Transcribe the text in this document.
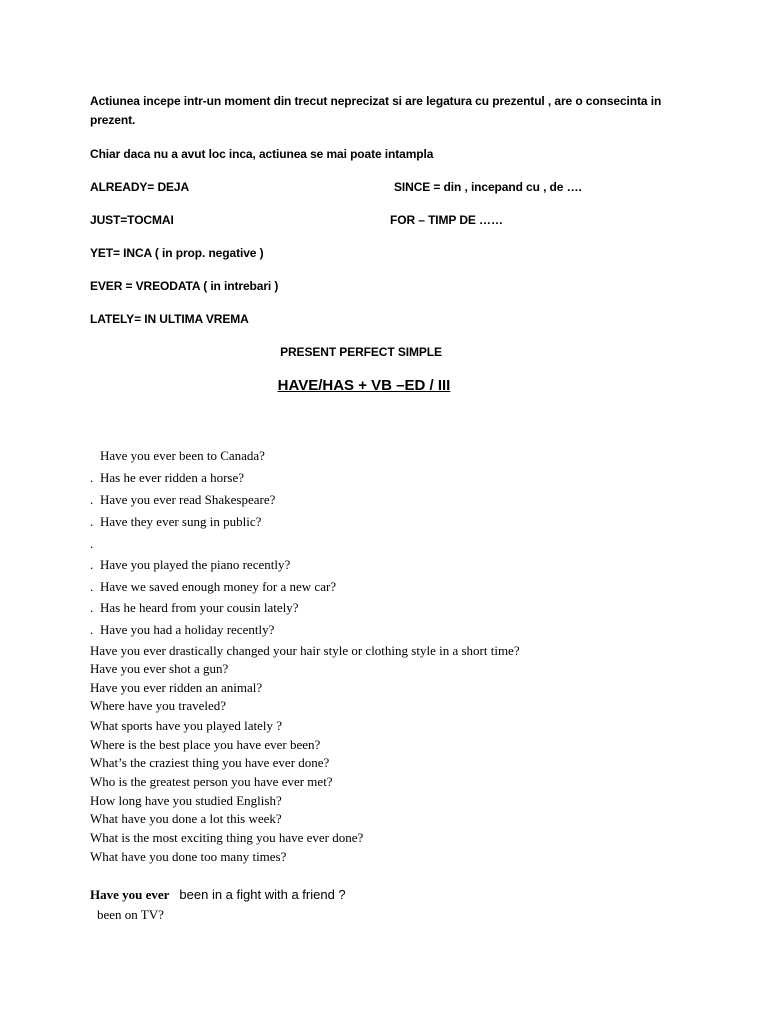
Actiunea incepe intr-un moment din trecut neprecizat si are legatura cu prezentul , are o consecinta in prezent.
Chiar daca nu a avut loc inca, actiunea se mai poate intampla
ALREADY= DEJA	SINCE = din , incepand cu , de ….
JUST=TOCMAI	FOR – TIMP DE ……
YET= INCA ( in prop. negative )
EVER = VREODATA ( in intrebari )
LATELY= IN ULTIMA VREMA
PRESENT PERFECT SIMPLE
HAVE/HAS + VB –ED / III
Have you ever been to Canada?
. Has he ever ridden a horse?
. Have you ever read Shakespeare?
. Have they ever sung in public?
.
. Have you played the piano recently?
. Have we saved enough money for a new car?
. Has he heard from your cousin lately?
. Have you had a holiday recently?
Have you ever drastically changed your hair style or clothing style in a short time?
Have you ever shot a gun?
Have you ever ridden an animal?
Where have you traveled?
What sports have you played lately ?
Where is the best place you have ever been?
What’s the craziest thing you have ever done?
Who is the greatest person you have ever met?
How long have you studied English?
What have you done a lot this week?
What is the most exciting thing you have ever done?
What have you done too many times?
Have you ever been in a fight with a friend ?
been on TV?
